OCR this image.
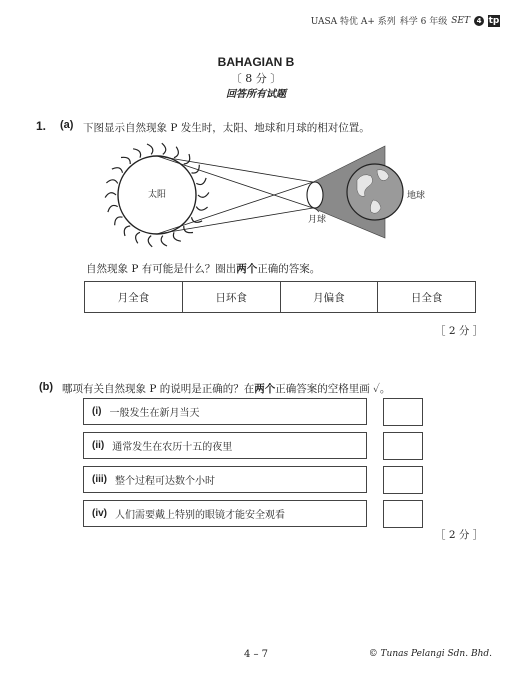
UASA 特优 A+ 系列 科学 6 年级 SET 4 tp
BAHAGIAN B
〔 8 分 〕
回答所有试题
1. (a) 下图显示自然现象 P 发生时，太阳、地球和月球的相对位置。
太阳
月球
地球
自然现象 P 有可能是什么？圈出两个正确的答案。
月全食	日环食	月偏食	日全食
［ 2 分 ］
(b) 哪项有关自然现象 P 的说明是正确的？在两个正确答案的空格里画 ✓。
(i) 一般发生在新月当天
(ii) 通常发生在农历十五的夜里
(iii) 整个过程可达数个小时
(iv) 人们需要戴上特别的眼镜才能安全观看
［ 2 分 ］
4 – 7	© Tunas Pelangi Sdn. Bhd.
